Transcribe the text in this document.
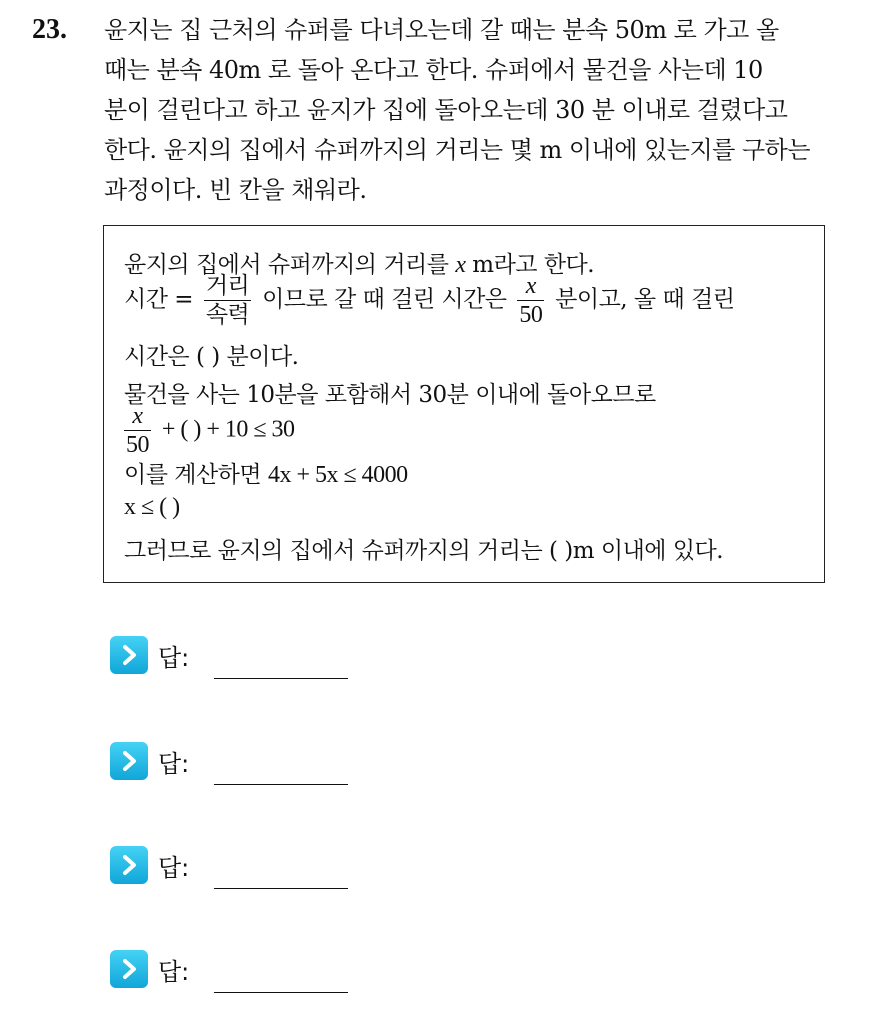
23. 윤지는 집 근처의 슈퍼를 다녀오는데 갈 때는 분속 50m 로 가고 올
때는 분속 40m 로 돌아 온다고 한다. 슈퍼에서 물건을 사는데 10
분이 걸린다고 하고 윤지가 집에 돌아오는데 30 분 이내로 걸렸다고
한다. 윤지의 집에서 슈퍼까지의 거리는 몇 m 이내에 있는지를 구하는
과정이다. 빈 칸을 채워라.
윤지의 집에서 슈퍼까지의 거리를 x m라고 한다.
시간 = $\frac{\text{거리}}{\text{속력}}$ 이므로 갈 때 걸린 시간은 $\frac{x}{50}$ 분이고, 올 때 걸린
시간은 ( ) 분이다.
물건을 사는 10분을 포함해서 30분 이내에 돌아오므로
$\frac{x}{50}$ + ( ) + 10 ≤ 30
이를 계산하면 4x + 5x ≤ 4000
x ≤ ( )
그러므로 윤지의 집에서 슈퍼까지의 거리는 ( )m 이내에 있다.
답:
답:
답:
답:
